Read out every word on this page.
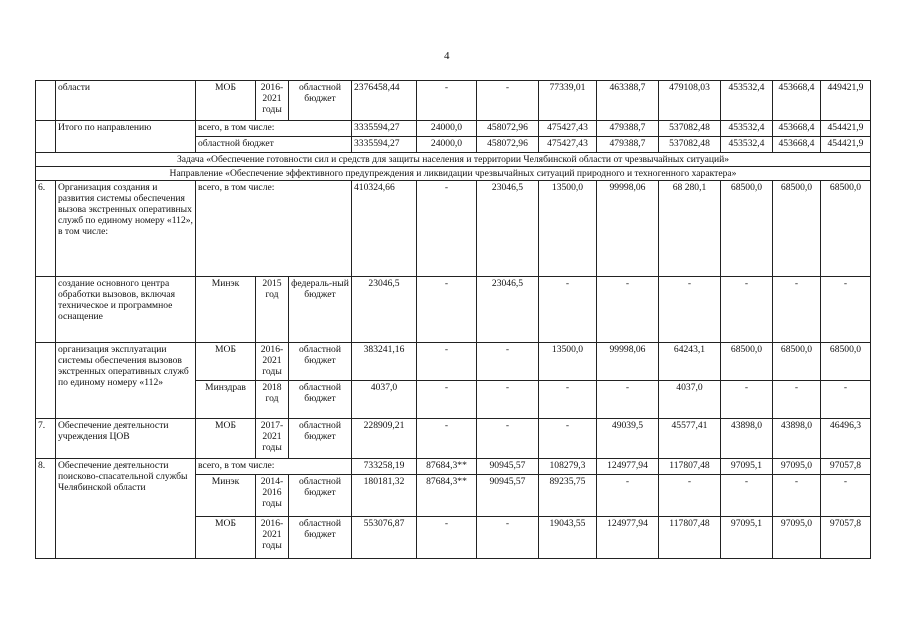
4
	области	МОБ	2016-2021 годы	областной бюджет	2376458,44	-	-	77339,01	463388,7	479108,03	453532,4	453668,4	449421,9
	Итого по направлению	всего, в том числе:			3335594,27	24000,0	458072,96	475427,43	479388,7	537082,48	453532,4	453668,4	454421,9
		областной бюджет			3335594,27	24000,0	458072,96	475427,43	479388,7	537082,48	453532,4	453668,4	454421,9
Задача «Обеспечение готовности сил и средств для защиты населения и территории Челябинской области от чрезвычайных ситуаций»													
Направление «Обеспечение эффективного предупреждения и ликвидации чрезвычайных ситуаций природного и техногенного характера»													
6.	Организация создания и развития системы обеспечения вызова экстренных оперативных служб по единому номеру «112», в том числе:	всего, в том числе:			410324,66	-	23046,5	13500,0	99998,06	68 280,1	68500,0	68500,0	68500,0
	создание основного центра обработки вызовов, включая техническое и программное оснащение	Минэк	2015 год	федераль-ный бюджет	23046,5	-	23046,5	-	-	-	-	-	-
	организация эксплуатации системы обеспечения вызовов экстренных оперативных служб по единому номеру «112»	МОБ	2016-2021 годы	областной бюджет	383241,16	-	-	13500,0	99998,06	64243,1	68500,0	68500,0	68500,0
		Минздрав	2018 год	областной бюджет	4037,0	-	-	-	-	4037,0	-	-	-
7.	Обеспечение деятельности учреждения ЦОВ	МОБ	2017-2021 годы	областной бюджет	228909,21	-	-	-	49039,5	45577,41	43898,0	43898,0	46496,3
8.	Обеспечение деятельности поисково-спасательной службы Челябинской области	всего, в том числе:			733258,19	87684,3**	90945,57	108279,3	124977,94	117807,48	97095,1	97095,0	97057,8
		Минэк	2014-2016 годы	областной бюджет	180181,32	87684,3**	90945,57	89235,75	-	-	-	-	-
		МОБ	2016-2021 годы	областной бюджет	553076,87	-	-	19043,55	124977,94	117807,48	97095,1	97095,0	97057,8
